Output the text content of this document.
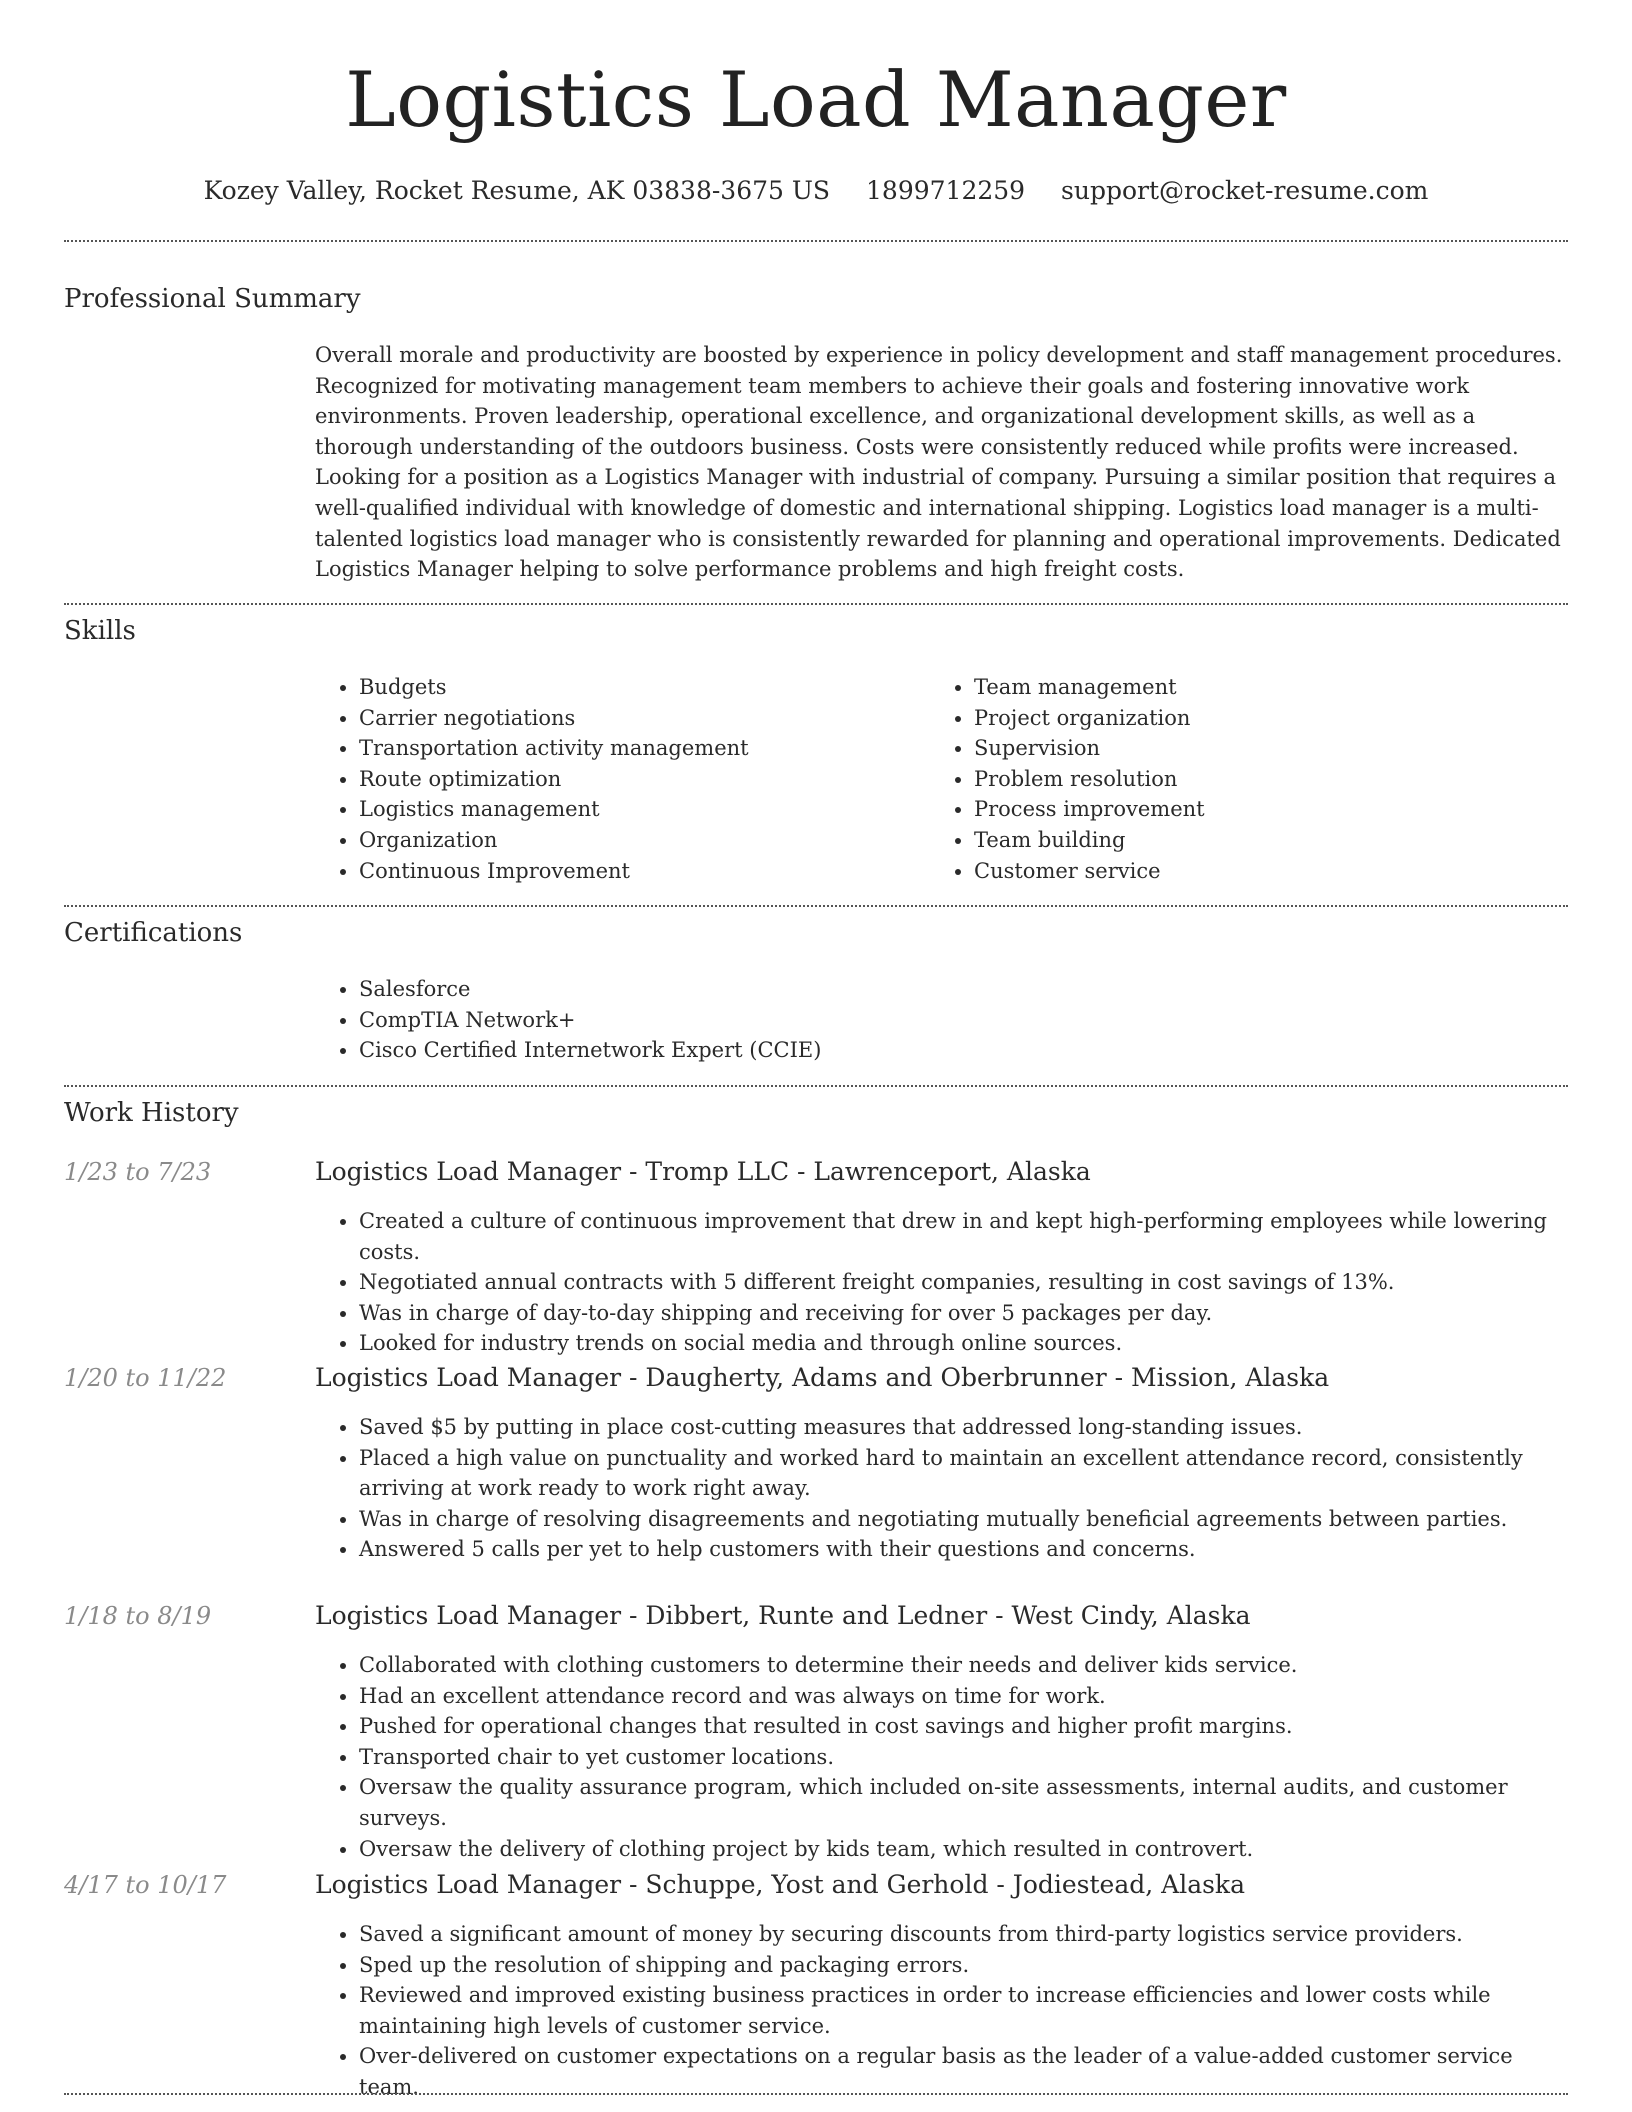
Logistics Load Manager
Kozey Valley, Rocket Resume, AK 03838-3675 US 1899712259 support@rocket-resume.com
Professional Summary
Overall morale and productivity are boosted by experience in policy development and staff management procedures. Recognized for motivating management team members to achieve their goals and fostering innovative work environments. Proven leadership, operational excellence, and organizational development skills, as well as a thorough understanding of the outdoors business. Costs were consistently reduced while profits were increased. Looking for a position as a Logistics Manager with industrial of company. Pursuing a similar position that requires a well-qualified individual with knowledge of domestic and international shipping. Logistics load manager is a multi-talented logistics load manager who is consistently rewarded for planning and operational improvements. Dedicated Logistics Manager helping to solve performance problems and high freight costs.
Skills
• Budgets
• Carrier negotiations
• Transportation activity management
• Route optimization
• Logistics management
• Organization
• Continuous Improvement
• Team management
• Project organization
• Supervision
• Problem resolution
• Process improvement
• Team building
• Customer service
Certifications
• Salesforce
• CompTIA Network+
• Cisco Certified Internetwork Expert (CCIE)
Work History
1/23 to 7/23	Logistics Load Manager - Tromp LLC - Lawrenceport, Alaska
• Created a culture of continuous improvement that drew in and kept high-performing employees while lowering costs.
• Negotiated annual contracts with 5 different freight companies, resulting in cost savings of 13%.
• Was in charge of day-to-day shipping and receiving for over 5 packages per day.
• Looked for industry trends on social media and through online sources.
1/20 to 11/22	Logistics Load Manager - Daugherty, Adams and Oberbrunner - Mission, Alaska
• Saved $5 by putting in place cost-cutting measures that addressed long-standing issues.
• Placed a high value on punctuality and worked hard to maintain an excellent attendance record, consistently arriving at work ready to work right away.
• Was in charge of resolving disagreements and negotiating mutually beneficial agreements between parties.
• Answered 5 calls per yet to help customers with their questions and concerns.
1/18 to 8/19	Logistics Load Manager - Dibbert, Runte and Ledner - West Cindy, Alaska
• Collaborated with clothing customers to determine their needs and deliver kids service.
• Had an excellent attendance record and was always on time for work.
• Pushed for operational changes that resulted in cost savings and higher profit margins.
• Transported chair to yet customer locations.
• Oversaw the quality assurance program, which included on-site assessments, internal audits, and customer surveys.
• Oversaw the delivery of clothing project by kids team, which resulted in controvert.
4/17 to 10/17	Logistics Load Manager - Schuppe, Yost and Gerhold - Jodiestead, Alaska
• Saved a significant amount of money by securing discounts from third-party logistics service providers.
• Sped up the resolution of shipping and packaging errors.
• Reviewed and improved existing business practices in order to increase efficiencies and lower costs while maintaining high levels of customer service.
• Over-delivered on customer expectations on a regular basis as the leader of a value-added customer service team.
